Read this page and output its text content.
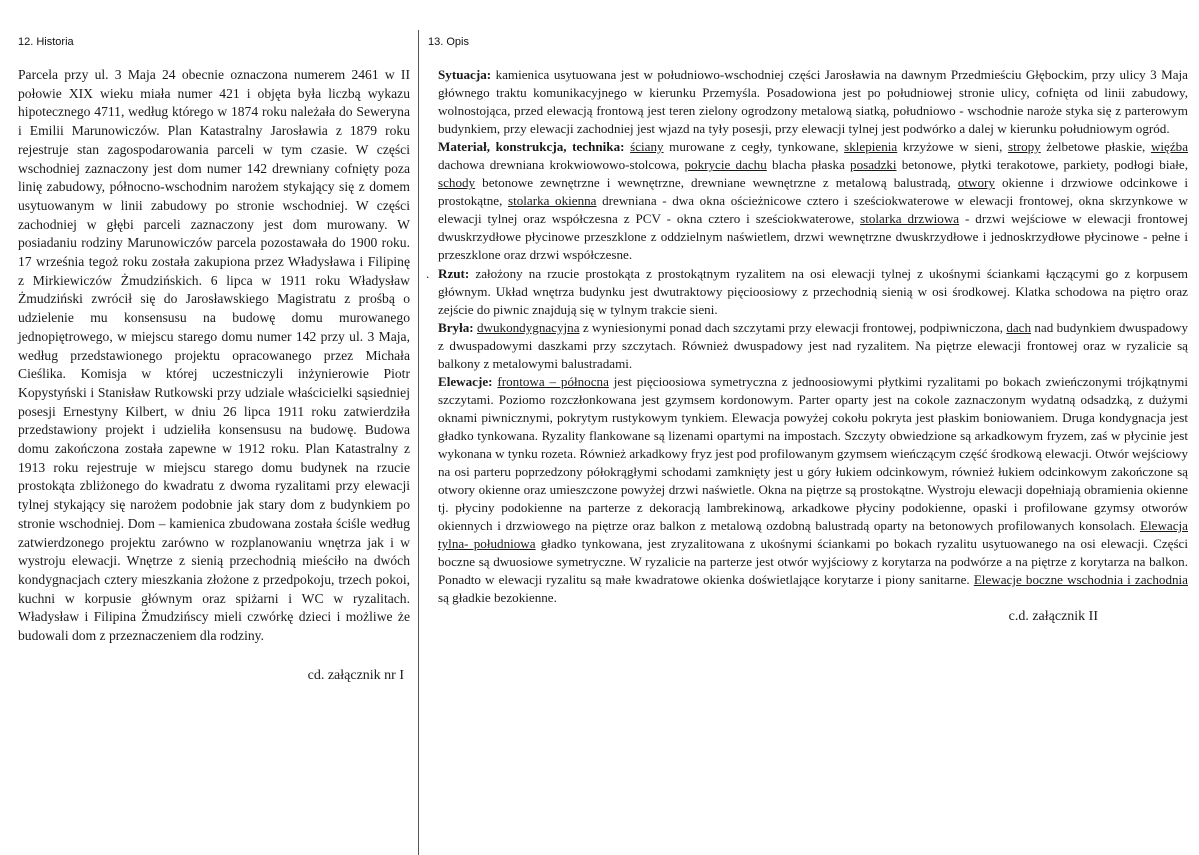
12. Historia

Parcela przy ul. 3 Maja 24 obecnie oznaczona numerem 2461 w II połowie XIX wieku miała numer 421 i objęta była liczbą wykazu hipotecznego 4711, według którego w 1874 roku należała do Seweryna i Emilii Marunowiczów. Plan Katastralny Jarosławia z 1879 roku rejestruje stan zagospodarowania parceli w tym czasie. W części wschodniej zaznaczony jest dom numer 142 drewniany cofnięty poza linię zabudowy, północno-wschodnim narożem stykający się z domem usytuowanym w linii zabudowy po stronie wschodniej. W części zachodniej w głębi parceli zaznaczony jest dom murowany. W posiadaniu rodziny Marunowiczów parcela pozostawała do 1900 roku. 17 września tegoż roku została zakupiona przez Władysława i Filipinę z Mirkiewiczów Żmudzińskich. 6 lipca w 1911 roku Władysław Żmudziński zwrócił się do Jarosławskiego Magistratu z prośbą o udzielenie mu konsensusu na budowę domu murowanego jednopiętrowego, w miejscu starego domu numer 142 przy ul. 3 Maja, według przedstawionego projektu opracowanego przez Michała Cieślika. Komisja w której uczestniczyli inżynierowie Piotr Kopystyński i Stanisław Rutkowski przy udziale właścicielki sąsiedniej posesji Ernestyny Kilbert, w dniu 26 lipca 1911 roku zatwierdziła przedstawiony projekt i udzieliła konsensusu na budowę. Budowa domu zakończona została zapewne w 1912 roku. Plan Katastralny z 1913 roku rejestruje w miejscu starego domu budynek na rzucie prostokąta zbliżonego do kwadratu z dwoma ryzalitami przy elewacji tylnej stykający się narożem podobnie jak stary dom z budynkiem po stronie wschodniej. Dom – kamienica zbudowana została ściśle według zatwierdzonego projektu zarówno w rozplanowaniu wnętrza jak i w wystroju elewacji. Wnętrze z sienią przechodnią mieściło na dwóch kondygnacjach cztery mieszkania złożone z przedpokoju, trzech pokoi, kuchni w korpusie głównym oraz spiżarni i WC w ryzalitach. Władysław i Filipina Żmudzińscy mieli czwórkę dzieci i możliwe że budowali dom z przeznaczeniem dla rodziny.

cd. załącznik nr I
13. Opis

Sytuacja: kamienica usytuowana jest w południowo-wschodniej części Jarosławia na dawnym Przedmieściu Głębockim, przy ulicy 3 Maja głównego traktu komunikacyjnego w kierunku Przemyśla. Posadowiona jest po południowej stronie ulicy, cofnięta od linii zabudowy, wolnostojąca, przed elewacją frontową jest teren zielony ogrodzony metalową siatką, południowo - wschodnie naroże styka się z parterowym budynkiem, przy elewacji zachodniej jest wjazd na tyły posesji, przy elewacji tylnej jest podwórko a dalej w kierunku południowym ogród.

Materiał, konstrukcja, technika: ściany murowane z cegły, tynkowane, sklepienia krzyżowe w sieni, stropy żelbetowe płaskie, więźba dachowa drewniana krokwiowowo-stolcowa, pokrycie dachu blacha płaska posadzki betonowe, płytki terakotowe, parkiety, podłogi białe, schody betonowe zewnętrzne i wewnętrzne, drewniane wewnętrzne z metalową balustradą, otwory okienne i drzwiowe odcinkowe i prostokątne, stolarka okienna drewniana - dwa okna ościeżnicowe cztero i sześciokwaterowe w elewacji frontowej, okna skrzynkowe w elewacji tylnej oraz współczesna z PCV - okna cztero i sześciokwaterowe, stolarka drzwiowa - drzwi wejściowe w elewacji frontowej dwuskrzydłowe płycinowe przeszklone z oddzielnym naświetlem, drzwi wewnętrzne dwuskrzydłowe i jednoskrzydłowe płycinowe - pełne i przeszklone oraz drzwi współczesne.

. Rzut: założony na rzucie prostokąta z prostokątnym ryzalitem na osi elewacji tylnej z ukośnymi ściankami łączącymi go z korpusem głównym. Układ wnętrza budynku jest dwutraktowy pięcioosiowy z przechodnią sienią w osi środkowej. Klatka schodowa na piętro oraz zejście do piwnic znajdują się w tylnym trakcie sieni.

Bryła: dwukondygnacyjna z wyniesionymi ponad dach szczytami przy elewacji frontowej, podpiwniczona, dach nad budynkiem dwuspadowy z dwuspadowymi daszkami przy szczytach. Również dwuspadowy jest nad ryzalitem. Na piętrze elewacji frontowej oraz w ryzalicie są balkony z metalowymi balustradami.

Elewacje: frontowa – północna jest pięcioosiowa symetryczna z jednoosiowymi płytkimi ryzalitami po bokach zwieńczonymi trójkątnymi szczytami. Poziomo rozczłonkowana jest gzymsem kordonowym. Parter oparty jest na cokole zaznaczonym wydatną odsadzką, z dużymi oknami piwnicznymi, pokrytym rustykowym tynkiem. Elewacja powyżej cokołu pokryta jest płaskim boniowaniem. Druga kondygnacja jest gładko tynkowana. Ryzality flankowane są lizenami opartymi na impostach. Szczyty obwiedzione są arkadkowym fryzem, zaś w płycinie jest wykonana w tynku rozeta. Również arkadkowy fryz jest pod profilowanym gzymsem wieńczącym część środkową elewacji. Otwór wejściowy na osi parteru poprzedzony półokrągłymi schodami zamknięty jest u góry łukiem odcinkowym, również łukiem odcinkowym zakończone są otwory okienne oraz umieszczone powyżej drzwi naświetle. Okna na piętrze są prostokątne. Wystroju elewacji dopełniają obramienia okienne tj. płyciny podokienne na parterze z dekoracją lambrekinową, arkadkowe płyciny podokienne, opaski i profilowane gzymsy otworów okiennych i drzwiowego na piętrze oraz balkon z metalową ozdobną balustradą oparty na betonowych profilowanych konsolach. Elewacja tylna- południowa gładko tynkowana, jest zryzalitowana z ukośnymi ściankami po bokach ryzalitu usytuowanego na osi elewacji. Części boczne są dwuosiowe symetryczne. W ryzalicie na parterze jest otwór wyjściowy z korytarza na podwórze a na piętrze z korytarza na balkon. Ponadto w elewacji ryzalitu są małe kwadratowe okienka doświetlające korytarze i piony sanitarne. Elewacje boczne wschodnia i zachodnia są gładkie bezokienne.

c.d. załącznik II
